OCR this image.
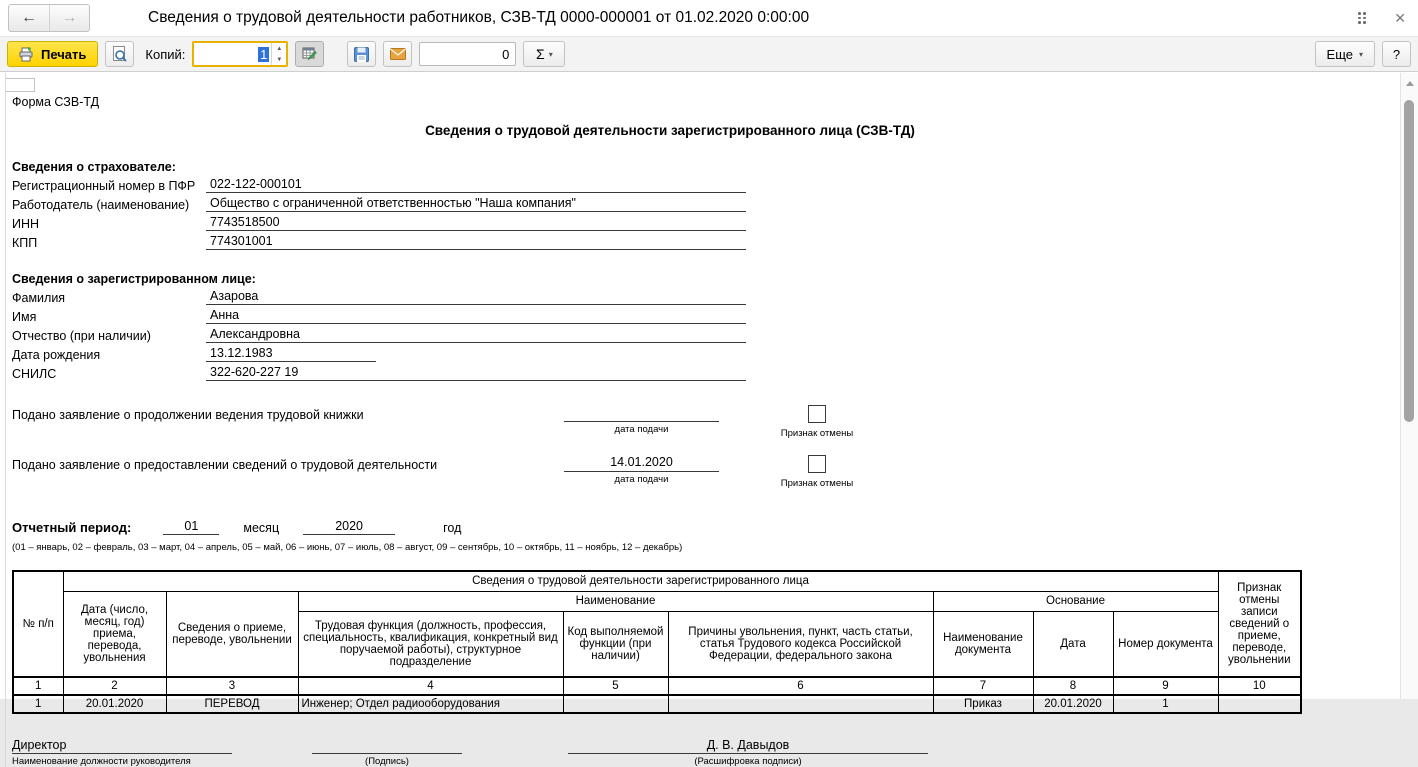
← →	Сведения о трудовой деятельности работников, СЗВ-ТД 0000-000001 от 01.02.2020 0:00:00	✕
Печать	Копий:	1	▲
▼	0 Σ ▾	Еще ▾ ?
Форма СЗВ-ТД
Сведения о трудовой деятельности зарегистрированного лица (СЗВ-ТД)
Сведения о страхователе:
Регистрационный номер в ПФР	022-122-000101
Работодатель (наименование)	Общество с ограниченной ответственностью "Наша компания"
ИНН	7743518500
КПП	774301001
Сведения о зарегистрированном лице:
Фамилия	Азарова
Имя	Анна
Отчество (при наличии)	Александровна
Дата рождения	13.12.1983
СНИЛС	322-620-227 19
Подано заявление о продолжении ведения трудовой книжки
дата подачи	Признак отмены
Подано заявление о предоставлении сведений о трудовой деятельности	14.01.2020
дата подачи	Признак отмены
Отчетный период:	01	месяц	2020	год
(01 – январь, 02 – февраль, 03 – март, 04 – апрель, 05 – май, 06 – июнь, 07 – июль, 08 – август, 09 – сентябрь, 10 – октябрь, 11 – ноябрь, 12 – декабрь)
№ п/п	Сведения о трудовой деятельности зарегистрированного лица								Признак отмены записи сведений о приеме, переводе, увольнении
	Дата (число, месяц, год) приема, перевода, увольнения	Сведения о приеме, переводе, увольнении	Наименование			Основание			
			Трудовая функция (должность, профессия, специальность, квалификация, конкретный вид поручаемой работы), структурное подразделение	Код выполняемой функции (при наличии)	Причины увольнения, пункт, часть статьи, статья Трудового кодекса Российской Федерации, федерального закона	Наименование документа	Дата	Номер документа	
1	2	3	4	5	6	7	8	9	10
1	20.01.2020	ПЕРЕВОД	Инженер; Отдел радиооборудования			Приказ	20.01.2020	1	
Директор
Наименование должности руководителя	(Подпись)
Д. В. Давыдов
(Расшифровка подписи)
